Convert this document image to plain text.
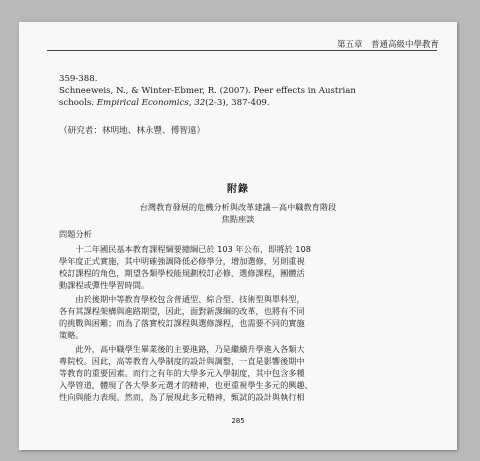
第五章　普通高級中學教育
359-388.
Schneeweis, N., & Winter-Ebmer, R. (2007). Peer effects in Austrian
schools. Empirical Economics, 32(2-3), 387-409.
（研究者：林明地、林永豐、傅智遠）
附錄
台灣教育發展的危機分析與改革建議－高中職教育階段
焦點座談
問題分析
　　十二年國民基本教育課程綱要總綱已於 103 年公布，即將於 108
學年度正式實施，其中明確強調降低必修學分，增加選修，另則重視
校訂課程的角色，期望各類學校能規劃校訂必修、選修課程，團體活
動課程或彈性學習時間。
　　由於後期中等教育學校包含普通型、綜合型、技術型與單科型，
各有其課程架構與進路期望，因此，面對新課綱的改革，也將有不同
的挑戰與困難；而為了落實校訂課程與選修課程，也需要不同的實施
策略。
　　此外，高中職學生畢業後的主要進路，乃是繼續升學進入各類大
專院校。因此，高等教育入學制度的設計與調整，一直是影響後期中
等教育的重要因素。而行之有年的大學多元入學制度，其中包含多種
入學管道，體現了各大學多元選才的精神，也更重視學生多元的興趣、
性向與能力表現。然而，為了展現此多元精神，甄試的設計與執行相
285
